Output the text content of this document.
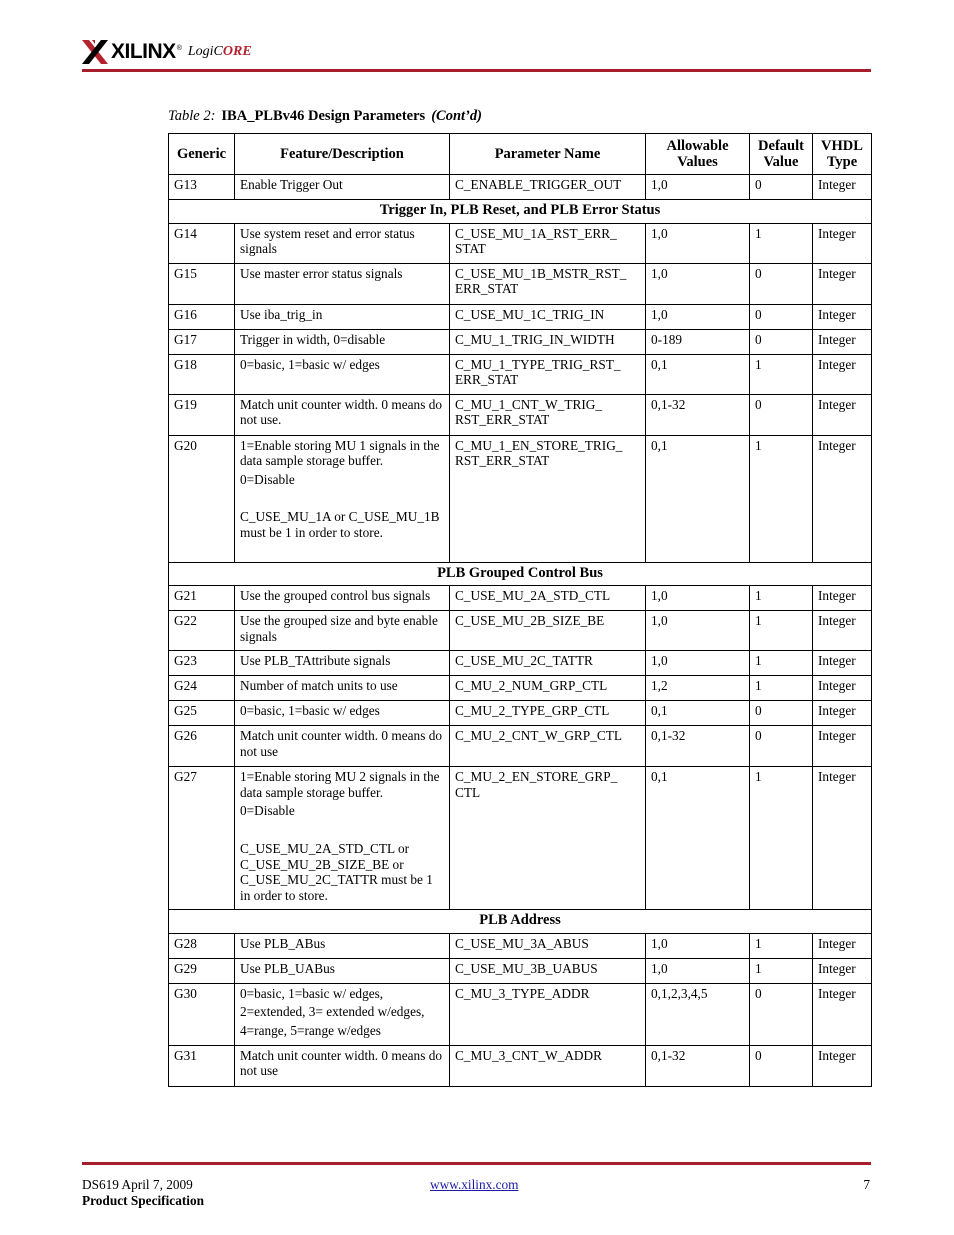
XILINX ® LogiCORE
Table 2: IBA_PLBv46 Design Parameters (Cont’d)
Generic	Feature/Description	Parameter Name	Allowable Values	Default Value	VHDL Type
G13	Enable Trigger Out	C_ENABLE_TRIGGER_OUT	1,0	0	Integer
Trigger In, PLB Reset, and PLB Error Status					
G14	Use system reset and error status signals	C_USE_MU_1A_RST_ERR_ STAT	1,0	1	Integer
G15	Use master error status signals	C_USE_MU_1B_MSTR_RST_ ERR_STAT	1,0	0	Integer
G16	Use iba_trig_in	C_USE_MU_1C_TRIG_IN	1,0	0	Integer
G17	Trigger in width, 0=disable	C_MU_1_TRIG_IN_WIDTH	0-189	0	Integer
G18	0=basic, 1=basic w/ edges	C_MU_1_TYPE_TRIG_RST_ ERR_STAT	0,1	1	Integer
G19	Match unit counter width. 0 means do not use.	C_MU_1_CNT_W_TRIG_ RST_ERR_STAT	0,1-32	0	Integer
G20	1=Enable storing MU 1 signals in the data sample storage buffer.
0=Disable
C_USE_MU_1A or C_USE_MU_1B must be 1 in order to store.	C_MU_1_EN_STORE_TRIG_ RST_ERR_STAT	0,1	1	Integer
PLB Grouped Control Bus					
G21	Use the grouped control bus signals	C_USE_MU_2A_STD_CTL	1,0	1	Integer
G22	Use the grouped size and byte enable signals	C_USE_MU_2B_SIZE_BE	1,0	1	Integer
G23	Use PLB_TAttribute signals	C_USE_MU_2C_TATTR	1,0	1	Integer
G24	Number of match units to use	C_MU_2_NUM_GRP_CTL	1,2	1	Integer
G25	0=basic, 1=basic w/ edges	C_MU_2_TYPE_GRP_CTL	0,1	0	Integer
G26	Match unit counter width. 0 means do not use	C_MU_2_CNT_W_GRP_CTL	0,1-32	0	Integer
G27	1=Enable storing MU 2 signals in the data sample storage buffer.
0=Disable
C_USE_MU_2A_STD_CTL or C_USE_MU_2B_SIZE_BE or C_USE_MU_2C_TATTR must be 1 in order to store.	C_MU_2_EN_STORE_GRP_ CTL	0,1	1	Integer
PLB Address					
G28	Use PLB_ABus	C_USE_MU_3A_ABUS	1,0	1	Integer
G29	Use PLB_UABus	C_USE_MU_3B_UABUS	1,0	1	Integer
G30	0=basic, 1=basic w/ edges,
2=extended, 3= extended w/edges,
4=range, 5=range w/edges	C_MU_3_TYPE_ADDR	0,1,2,3,4,5	0	Integer
G31	Match unit counter width. 0 means do not use	C_MU_3_CNT_W_ADDR	0,1-32	0	Integer
DS619 April 7, 2009
Product Specification
www.xilinx.com	7
